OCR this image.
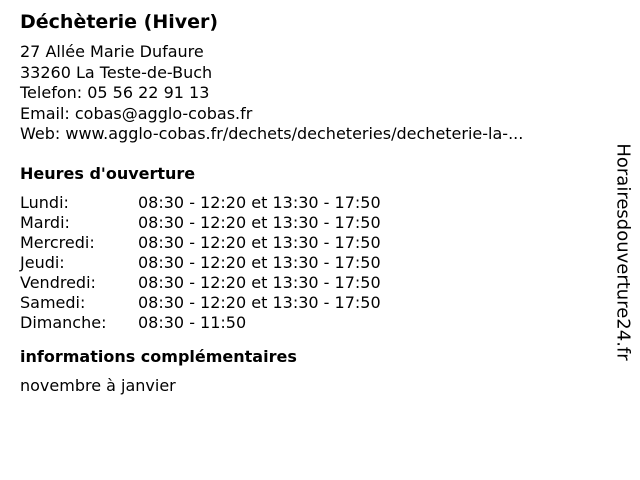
Déchèterie (Hiver)
27 Allée Marie Dufaure
33260 La Teste-de-Buch
Telefon: 05 56 22 91 13
Email: cobas@agglo-cobas.fr
Web: www.agglo-cobas.fr/dechets/decheteries/decheterie-la-...
Heures d'ouverture
Lundi:	08:30 - 12:20 et 13:30 - 17:50
Mardi:	08:30 - 12:20 et 13:30 - 17:50
Mercredi:	08:30 - 12:20 et 13:30 - 17:50
Jeudi:	08:30 - 12:20 et 13:30 - 17:50
Vendredi:	08:30 - 12:20 et 13:30 - 17:50
Samedi:	08:30 - 12:20 et 13:30 - 17:50
Dimanche:	08:30 - 11:50
informations complémentaires
novembre à janvier
Horairesdouverture24.fr
